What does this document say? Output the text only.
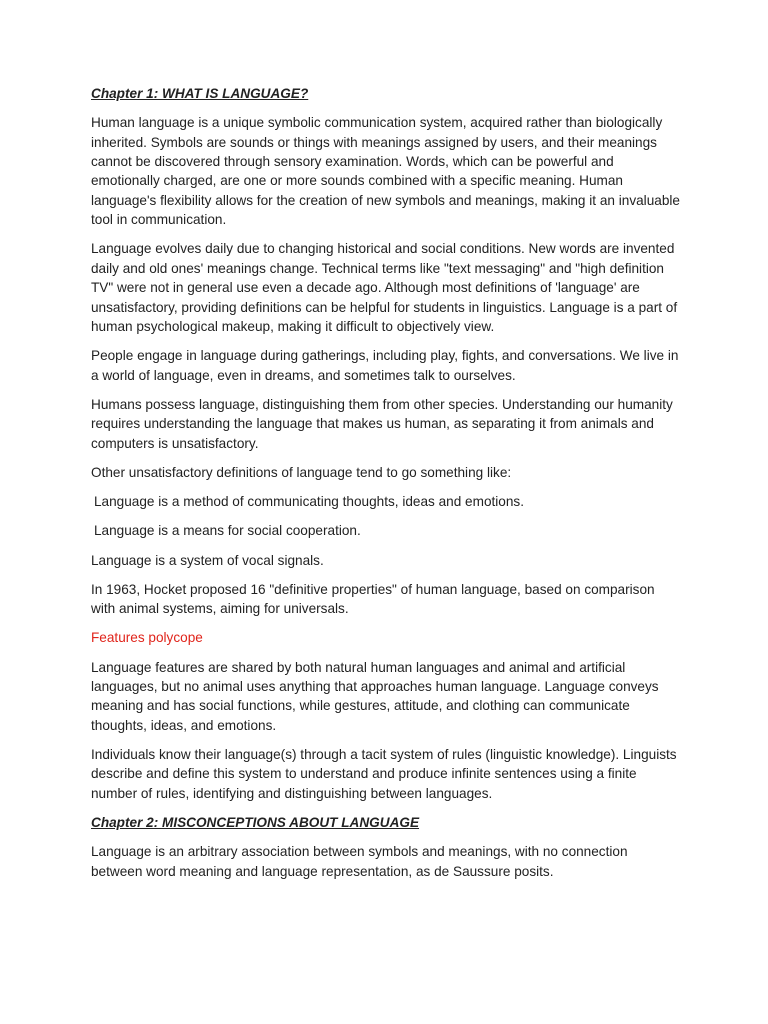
Chapter 1: WHAT IS LANGUAGE?

Human language is a unique symbolic communication system, acquired rather than biologically inherited. Symbols are sounds or things with meanings assigned by users, and their meanings cannot be discovered through sensory examination. Words, which can be powerful and emotionally charged, are one or more sounds combined with a specific meaning. Human language's flexibility allows for the creation of new symbols and meanings, making it an invaluable tool in communication.

Language evolves daily due to changing historical and social conditions. New words are invented daily and old ones' meanings change. Technical terms like "text messaging" and "high definition TV" were not in general use even a decade ago. Although most definitions of 'language' are unsatisfactory, providing definitions can be helpful for students in linguistics. Language is a part of human psychological makeup, making it difficult to objectively view.

People engage in language during gatherings, including play, fights, and conversations. We live in a world of language, even in dreams, and sometimes talk to ourselves.

Humans possess language, distinguishing them from other species. Understanding our humanity requires understanding the language that makes us human, as separating it from animals and computers is unsatisfactory.

Other unsatisfactory definitions of language tend to go something like:

Language is a method of communicating thoughts, ideas and emotions.

Language is a means for social cooperation.

Language is a system of vocal signals.

In 1963, Hocket proposed 16 "definitive properties" of human language, based on comparison with animal systems, aiming for universals.

Features polycope

Language features are shared by both natural human languages and animal and artificial languages, but no animal uses anything that approaches human language. Language conveys meaning and has social functions, while gestures, attitude, and clothing can communicate thoughts, ideas, and emotions.

Individuals know their language(s) through a tacit system of rules (linguistic knowledge). Linguists describe and define this system to understand and produce infinite sentences using a finite number of rules, identifying and distinguishing between languages.

Chapter 2: MISCONCEPTIONS ABOUT LANGUAGE

Language is an arbitrary association between symbols and meanings, with no connection between word meaning and language representation, as de Saussure posits.
